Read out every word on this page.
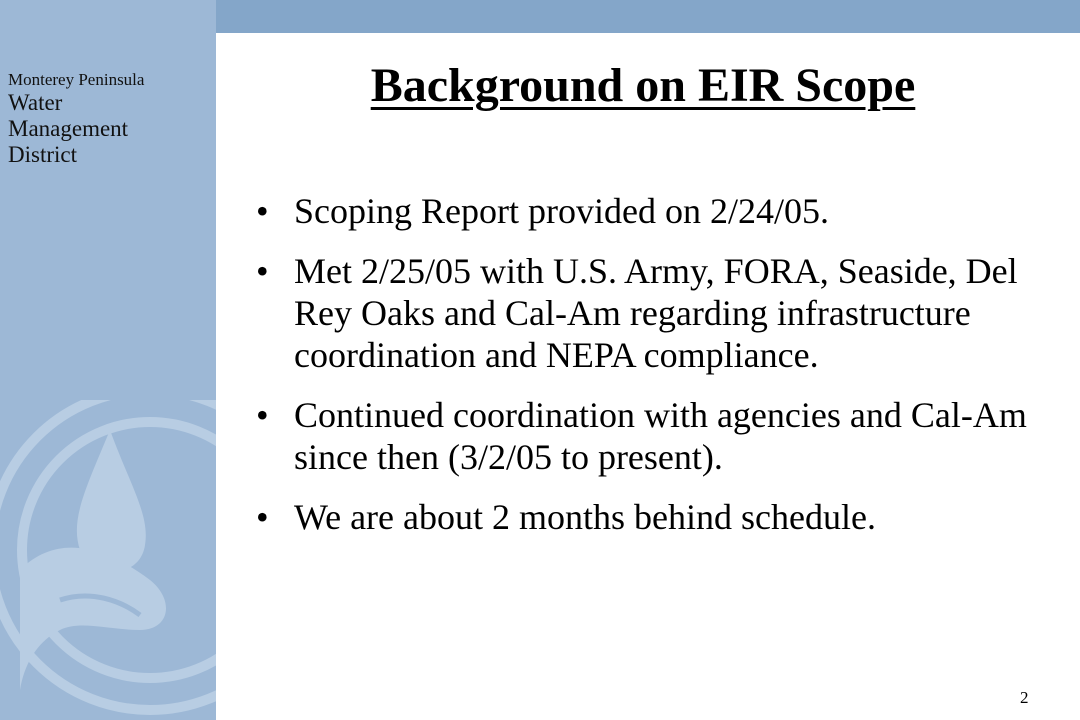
Monterey Peninsula
Water
Management
District
Background on EIR Scope
• Scoping Report provided on 2/24/05.
• Met 2/25/05 with U.S. Army, FORA, Seaside, Del Rey Oaks and Cal-Am regarding infrastructure coordination and NEPA compliance.
• Continued coordination with agencies and Cal-Am since then (3/2/05 to present).
• We are about 2 months behind schedule.
2
